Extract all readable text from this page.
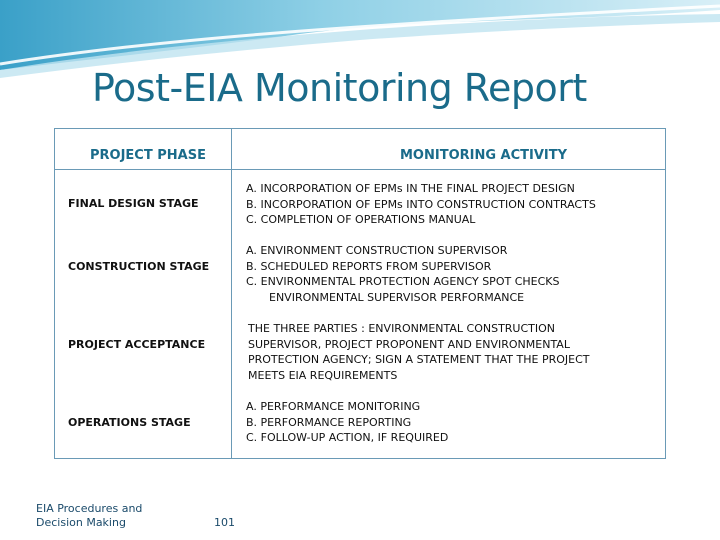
Post-EIA Monitoring Report
PROJECT PHASE	MONITORING ACTIVITY
FINAL DESIGN STAGE
A. INCORPORATION OF EPMs IN THE FINAL PROJECT DESIGN
B. INCORPORATION OF EPMs INTO CONSTRUCTION CONTRACTS
C. COMPLETION OF OPERATIONS MANUAL
CONSTRUCTION STAGE
A. ENVIRONMENT CONSTRUCTION SUPERVISOR
B. SCHEDULED REPORTS FROM SUPERVISOR
C. ENVIRONMENTAL PROTECTION AGENCY SPOT CHECKS
ENVIRONMENTAL SUPERVISOR PERFORMANCE
PROJECT ACCEPTANCE
THE THREE PARTIES : ENVIRONMENTAL CONSTRUCTION
SUPERVISOR, PROJECT PROPONENT AND ENVIRONMENTAL
PROTECTION AGENCY; SIGN A STATEMENT THAT THE PROJECT
MEETS EIA REQUIREMENTS
OPERATIONS STAGE
A. PERFORMANCE MONITORING
B. PERFORMANCE REPORTING
C. FOLLOW-UP ACTION, IF REQUIRED
EIA Procedures and
Decision Making	101
